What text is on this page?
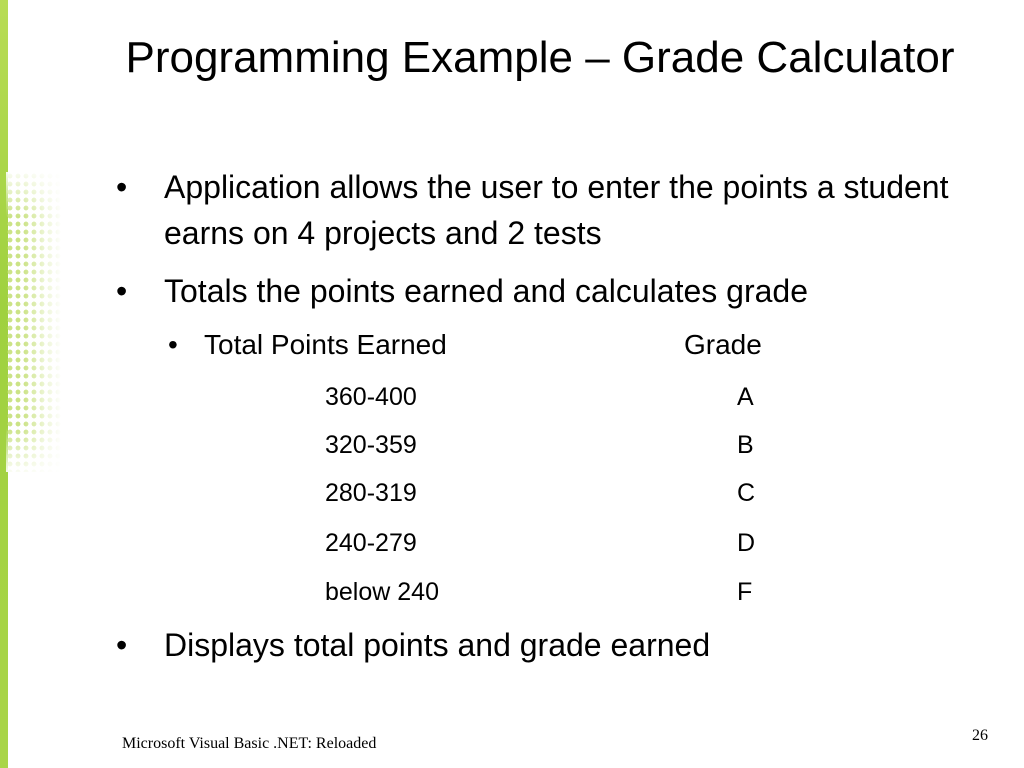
Programming Example – Grade Calculator
•	Application allows the user to enter the points a student earns on 4 projects and 2 tests
•	Totals the points earned and calculates grade
• Total Points Earned	Grade
360-400	A
320-359	B
280-319	C
240-279	D
below 240	F
•	Displays total points and grade earned
Microsoft Visual Basic .NET: Reloaded	26
